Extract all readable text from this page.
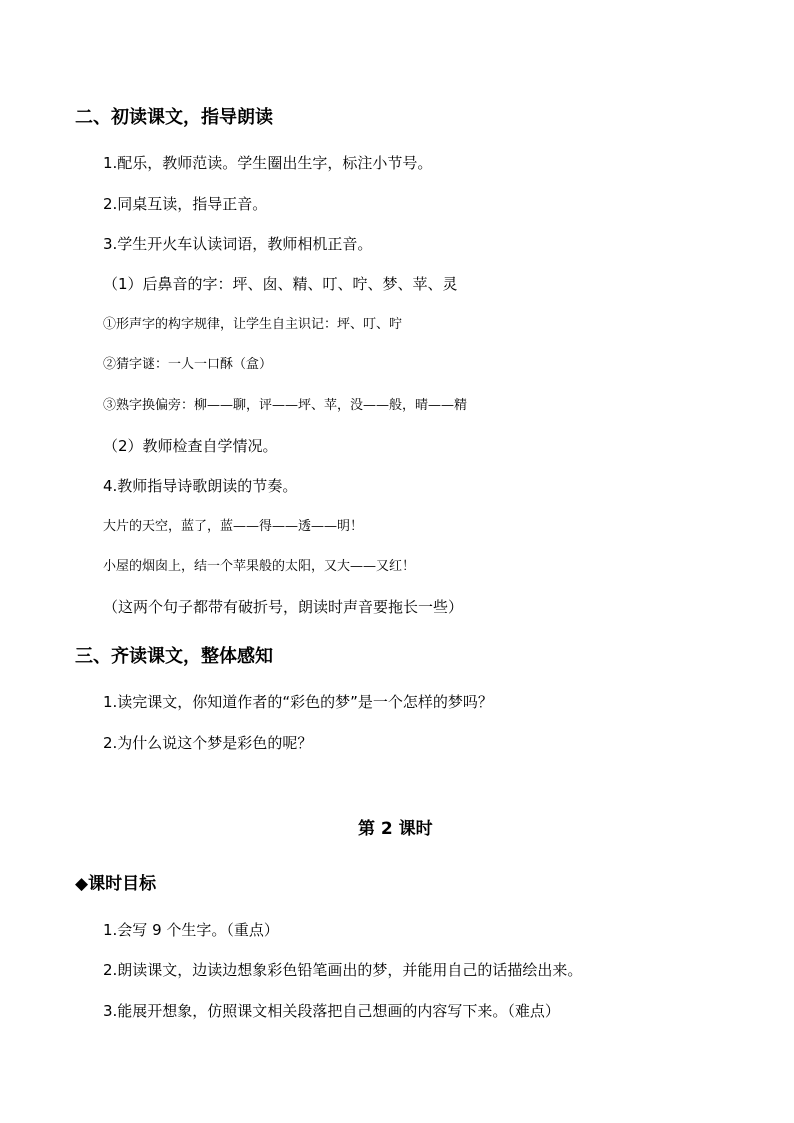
二、初读课文，指导朗读
1.配乐，教师范读。学生圈出生字，标注小节号。
2.同桌互读，指导正音。
3.学生开火车认读词语，教师相机正音。
（1）后鼻音的字：坪、囱、精、叮、咛、梦、苹、灵
①形声字的构字规律，让学生自主识记：坪、叮、咛
②猜字谜：一人一口酥（盒）
③熟字换偏旁：柳——聊，评——坪、苹，没——般，晴——精
（2）教师检查自学情况。
4.教师指导诗歌朗读的节奏。
大片的天空，蓝了，蓝——得——透——明！
小屋的烟囱上，结一个苹果般的太阳，又大——又红！
（这两个句子都带有破折号，朗读时声音要拖长一些）
三、齐读课文，整体感知
1.读完课文，你知道作者的“彩色的梦”是一个怎样的梦吗？
2.为什么说这个梦是彩色的呢？
第 2 课时
◆课时目标
1.会写 9 个生字。（重点）
2.朗读课文，边读边想象彩色铅笔画出的梦，并能用自己的话描绘出来。
3.能展开想象，仿照课文相关段落把自己想画的内容写下来。（难点）
